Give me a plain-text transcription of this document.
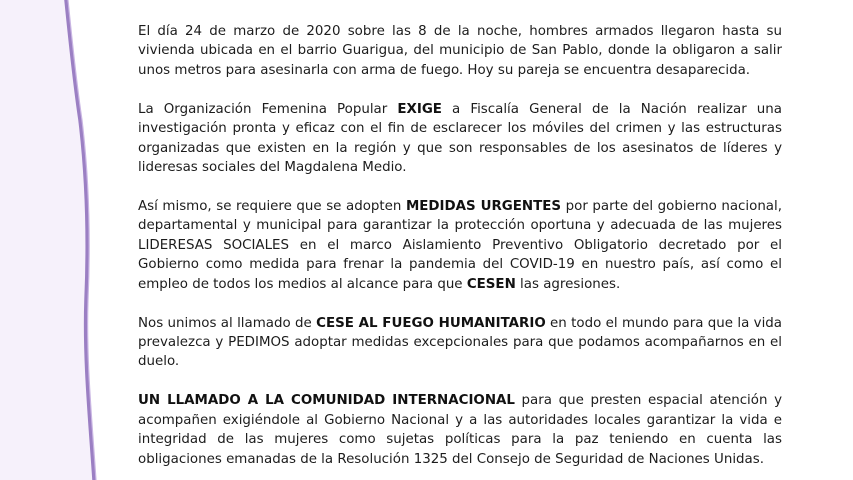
El día 24 de marzo de 2020 sobre las 8 de la noche, hombres armados llegaron hasta su vivienda ubicada en el barrio Guarigua, del municipio de San Pablo, donde la obligaron a salir unos metros para asesinarla con arma de fuego. Hoy su pareja se encuentra desaparecida.

La Organización Femenina Popular EXIGE a Fiscalía General de la Nación realizar una investigación pronta y eficaz con el fin de esclarecer los móviles del crimen y las estructuras organizadas que existen en la región y que son responsables de los asesinatos de líderes y lideresas sociales del Magdalena Medio.

Así mismo, se requiere que se adopten MEDIDAS URGENTES por parte del gobierno nacional, departamental y municipal para garantizar la protección oportuna y adecuada de las mujeres LIDERESAS SOCIALES en el marco Aislamiento Preventivo Obligatorio decretado por el Gobierno como medida para frenar la pandemia del COVID-19 en nuestro país, así como el empleo de todos los medios al alcance para que CESEN las agresiones.

Nos unimos al llamado de CESE AL FUEGO HUMANITARIO en todo el mundo para que la vida prevalezca y PEDIMOS adoptar medidas excepcionales para que podamos acompañarnos en el duelo.

UN LLAMADO A LA COMUNIDAD INTERNACIONAL para que presten espacial atención y acompañen exigiéndole al Gobierno Nacional y a las autoridades locales garantizar la vida e integridad de las mujeres como sujetas políticas para la paz teniendo en cuenta las obligaciones emanadas de la Resolución 1325 del Consejo de Seguridad de Naciones Unidas.
